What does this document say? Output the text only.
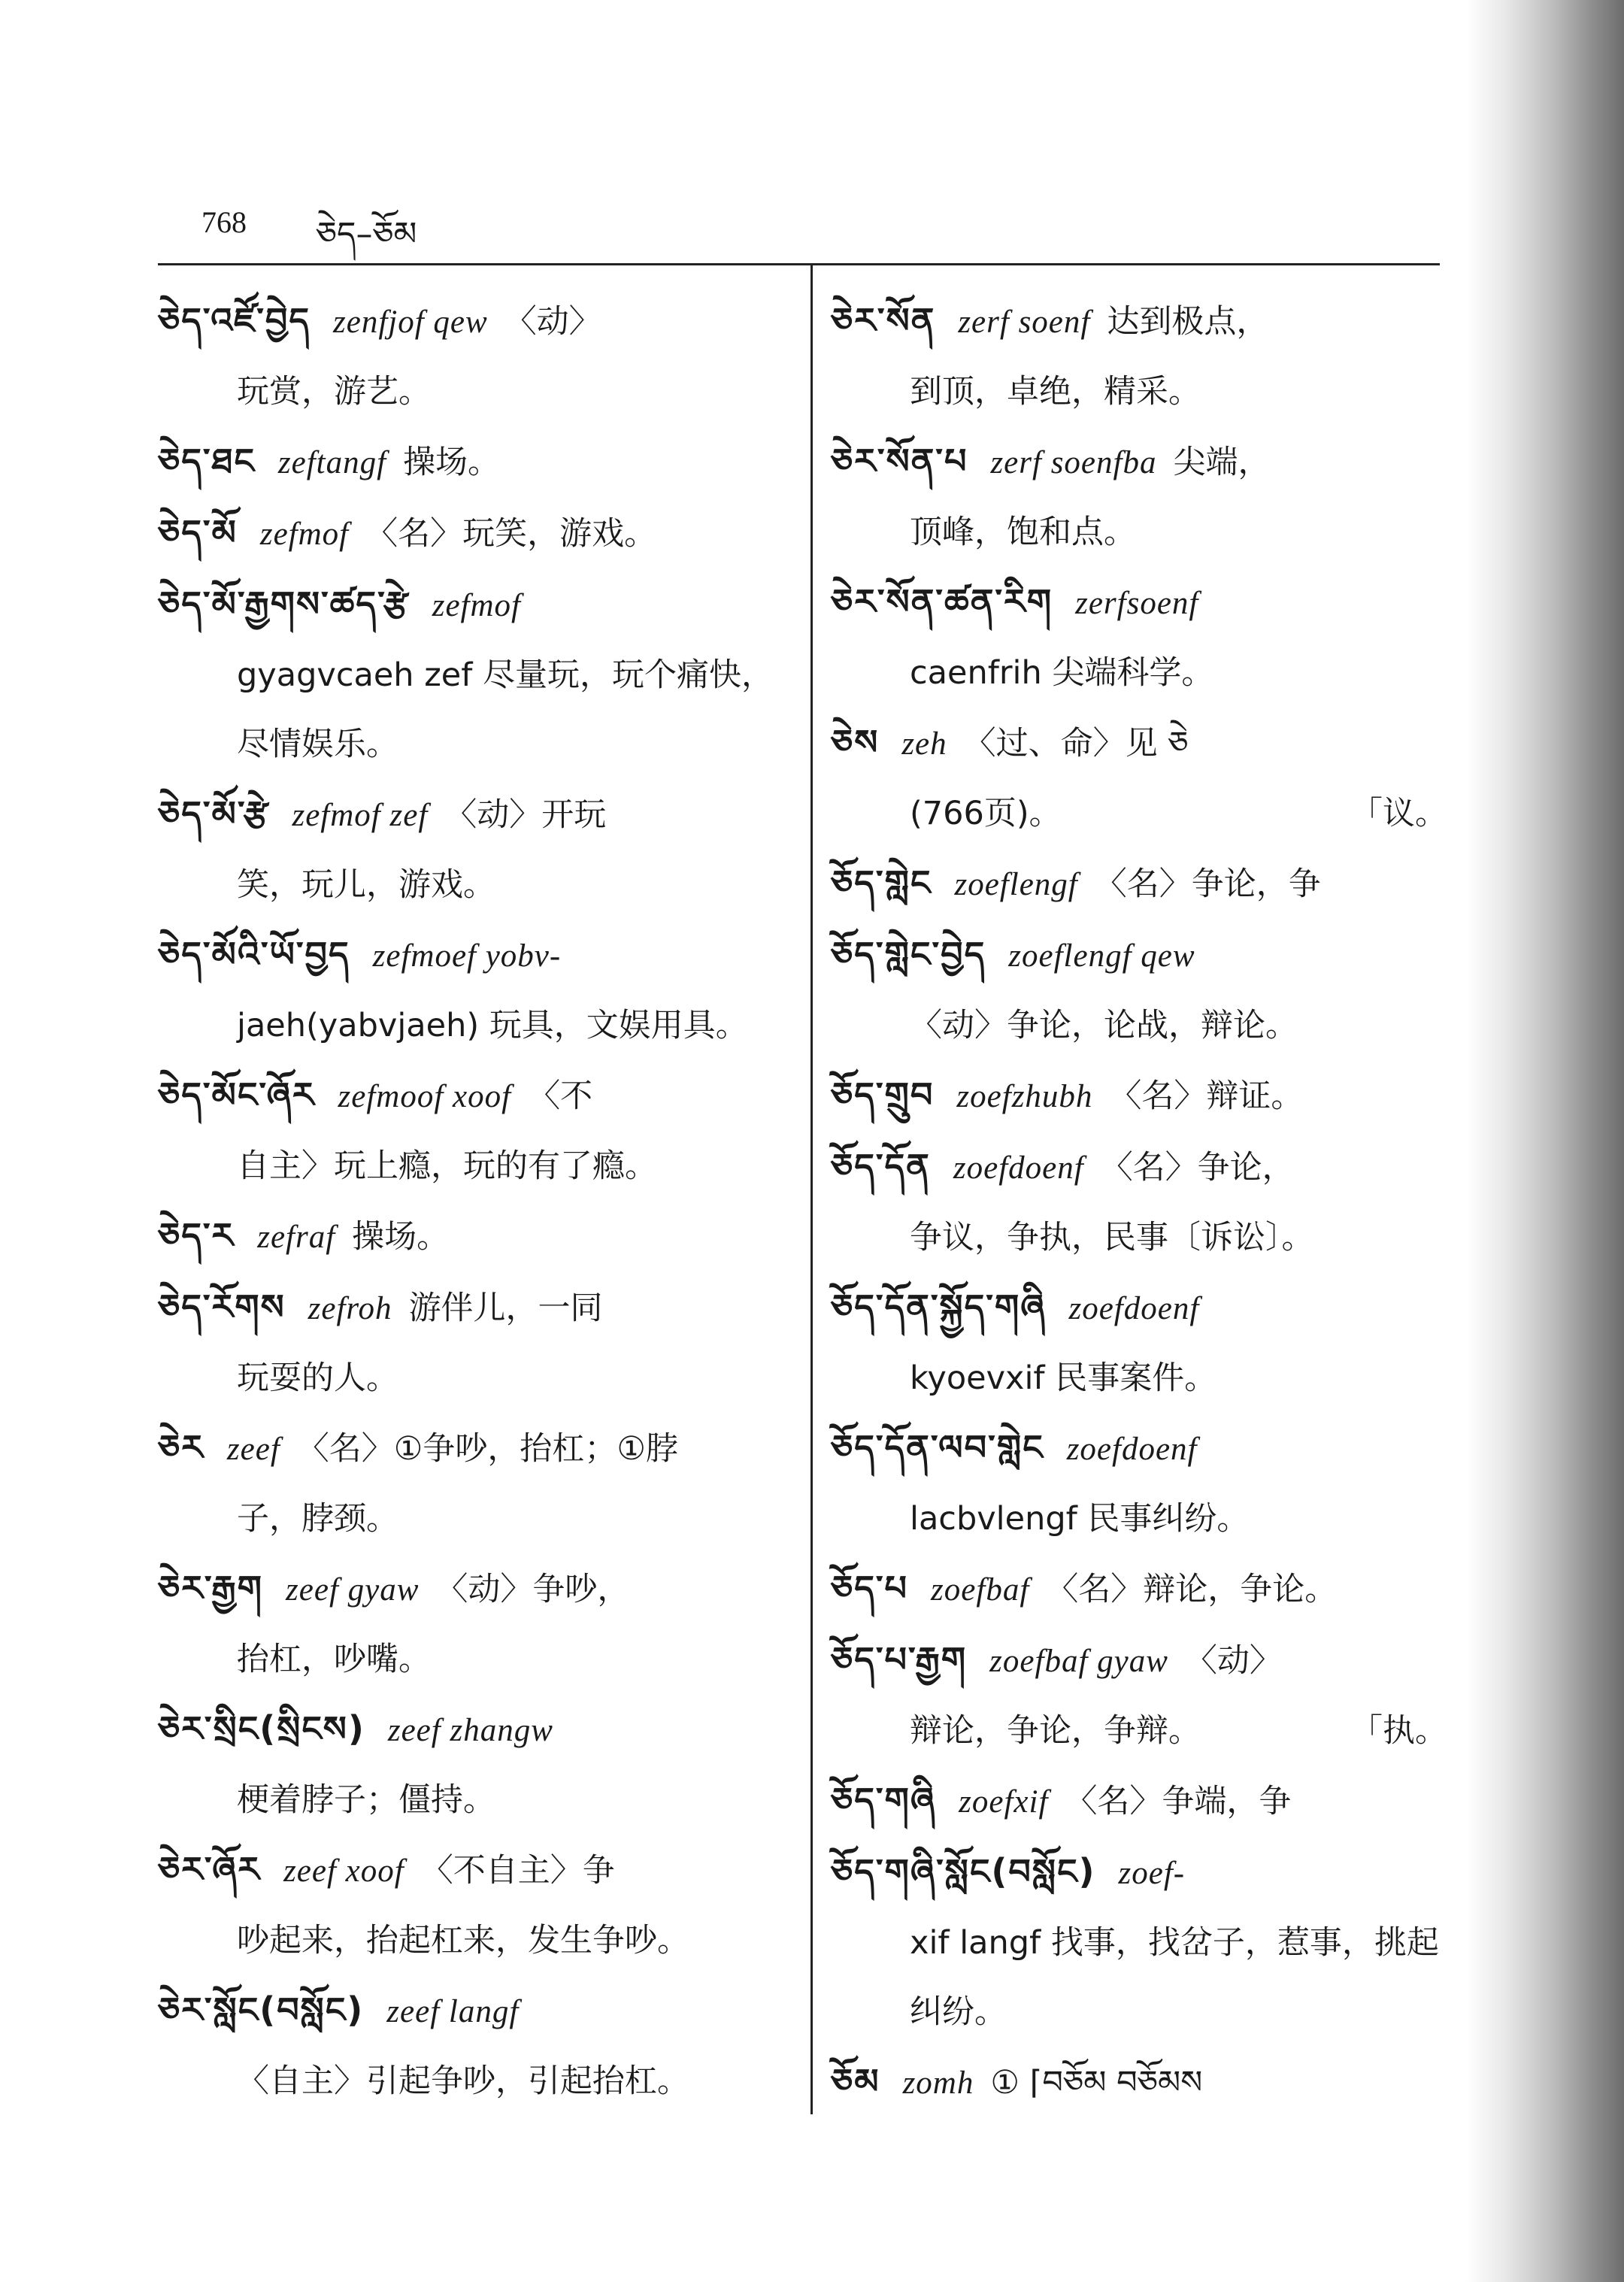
768 ཅེད–ཅོམ
ཅེད་འཛོ་བྱེད zenfjof qew 〈动〉
玩赏，游艺。
ཅེད་ཐང zeftangf 操场。
ཅེད་མོ zefmof 〈名〉玩笑，游戏。
ཅེད་མོ་རྒྱགས་ཚད་རྩེ zefmof
gyagvcaeh zef 尽量玩，玩个痛快，尽情娱乐。
ཅེད་མོ་རྩེ zefmof zef 〈动〉开玩
笑，玩儿，游戏。
ཅེད་མོའི་ཡོ་བྱད zefmoef yobv-
jaeh(yabvjaeh) 玩具，文娱用具。
ཅེད་མོང་ཞོར zefmoof xoof 〈不
自主〉玩上瘾，玩的有了瘾。
ཅེད་ར zefraf 操场。
ཅེད་རོགས zefroh 游伴儿，一同
玩耍的人。
ཅེར zeef 〈名〉①争吵，抬杠；①脖
子，脖颈。
ཅེར་རྒྱག zeef gyaw 〈动〉争吵，
抬杠，吵嘴。
ཅེར་སྲིང(སྲིངས) zeef zhangw
梗着脖子；僵持。
ཅེར་ཞོར zeef xoof 〈不自主〉争
吵起来，抬起杠来，发生争吵。
ཅེར་སློང(བསློང) zeef langf
〈自主〉引起争吵，引起抬杠。
ཅེར་སོན zerf soenf 达到极点，
到顶，卓绝，精采。
ཅེར་སོན་པ zerf soenfba 尖端，
顶峰，饱和点。
ཅེར་སོན་ཚན་རིག zerfsoenf
caenfrih 尖端科学。
ཅེས zeh 〈过、命〉见 ཅེ
(766页)。	「议。
ཅོད་གླེང zoeflengf 〈名〉争论，争
ཅོད་གླེང་བྱེད zoeflengf qew
〈动〉争论，论战，辩论。
ཅོད་གྲུབ zoefzhubh 〈名〉辩证。
ཅོད་དོན zoefdoenf 〈名〉争论，
争议，争执，民事〔诉讼〕。
ཅོད་དོན་སྐྱོད་གཞི zoefdoenf
kyoevxif 民事案件。
ཅོད་དོན་ལབ་གླེང zoefdoenf
lacbvlengf 民事纠纷。
ཅོད་པ zoefbaf 〈名〉辩论，争论。
ཅོད་པ་རྒྱག zoefbaf gyaw 〈动〉
辩论，争论，争辩。	「执。
ཅོད་གཞི zoefxif 〈名〉争端，争
ཅོད་གཞི་སློང(བསློང) zoef-
xif langf 找事，找岔子，惹事，挑起纠纷。
ཅོམ zomh ① ⌈བཅོམ བཅོམས
